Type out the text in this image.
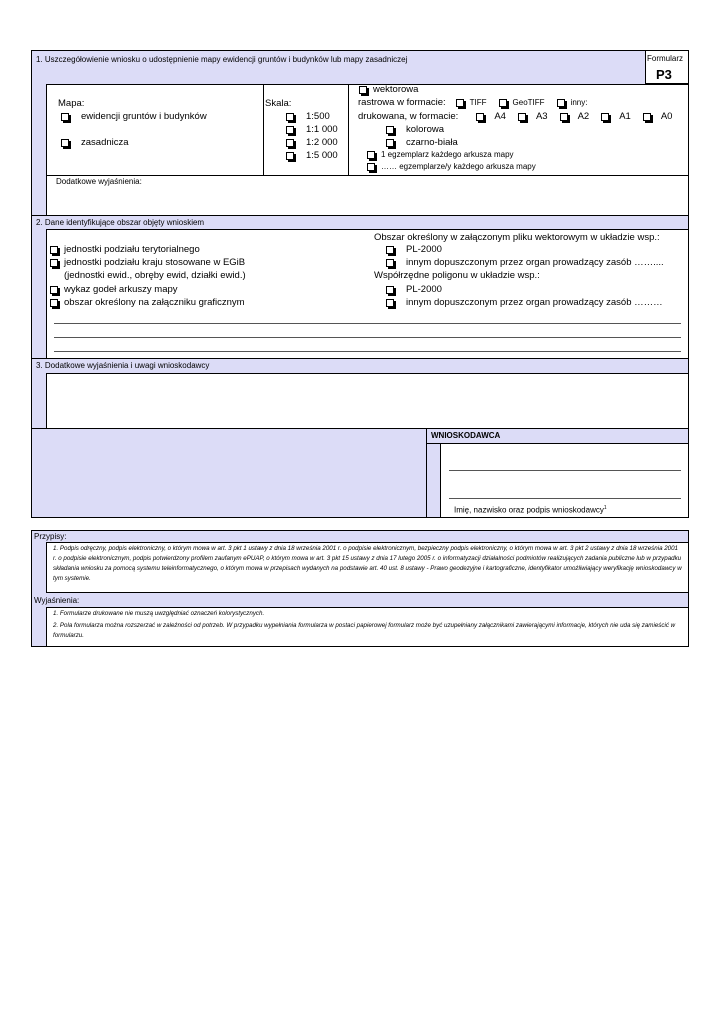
Formularz
P3
1. Uszczegółowienie wniosku o udostępnienie mapy ewidencji gruntów i budynków lub mapy zasadniczej
Mapa:
ewidencji gruntów i budynków
zasadnicza
Skala:
1:500
1:1 000
1:2 000
1:5 000
wektorowa
rastrowa w formacie:	TIFF	GeoTIFF	inny:
drukowana, w formacie:	A4	A3	A2	A1	A0
kolorowa
czarno-biała
1 egzemplarz każdego arkusza mapy
…… egzemplarze/y każdego arkusza mapy
Dodatkowe wyjaśnienia:
2. Dane identyfikujące obszar objęty wnioskiem
jednostki podziału terytorialnego
jednostki podziału kraju stosowane w EGiB
(jednostki ewid., obręby ewid, działki ewid.)
wykaz godeł arkuszy mapy
obszar określony na załączniku graficznym
Obszar określony w załączonym pliku wektorowym w układzie wsp.:
PL-2000
innym dopuszczonym przez organ prowadzący zasób ……....
Współrzędne poligonu w układzie wsp.:
PL-2000
innym dopuszczonym przez organ prowadzący zasób ………
3. Dodatkowe wyjaśnienia i uwagi wnioskodawcy
WNIOSKODAWCA
Imię, nazwisko oraz podpis wnioskodawcy$^1$
Przypisy:
1. Podpis odręczny, podpis elektroniczny, o którym mowa w art. 3 pkt 1 ustawy z dnia 18 września 2001 r. o podpisie elektronicznym, bezpieczny podpis elektroniczny, o którym mowa w art. 3 pkt 2 ustawy z dnia 18 września 2001 r. o podpisie elektronicznym, podpis potwierdzony profilem zaufanym ePUAP, o którym mowa w art. 3 pkt 15 ustawy z dnia 17 lutego 2005 r. o informatyzacji działalności podmiotów realizujących zadania publiczne lub w przypadku składania wniosku za pomocą systemu teleinformatycznego, o którym mowa w przepisach wydanych na podstawie art. 40 ust. 8 ustawy - Prawo geodezyjne i kartograficzne, identyfikator umożliwiający weryfikację wnioskodawcy w tym systemie.
Wyjaśnienia:
1. Formularze drukowane nie muszą uwzględniać oznaczeń kolorystycznych.
2. Pola formularza można rozszerzać w zależności od potrzeb. W przypadku wypełniania formularza w postaci papierowej formularz może być uzupełniany załącznikami zawierającymi informacje, których nie uda się zamieścić w formularzu.
